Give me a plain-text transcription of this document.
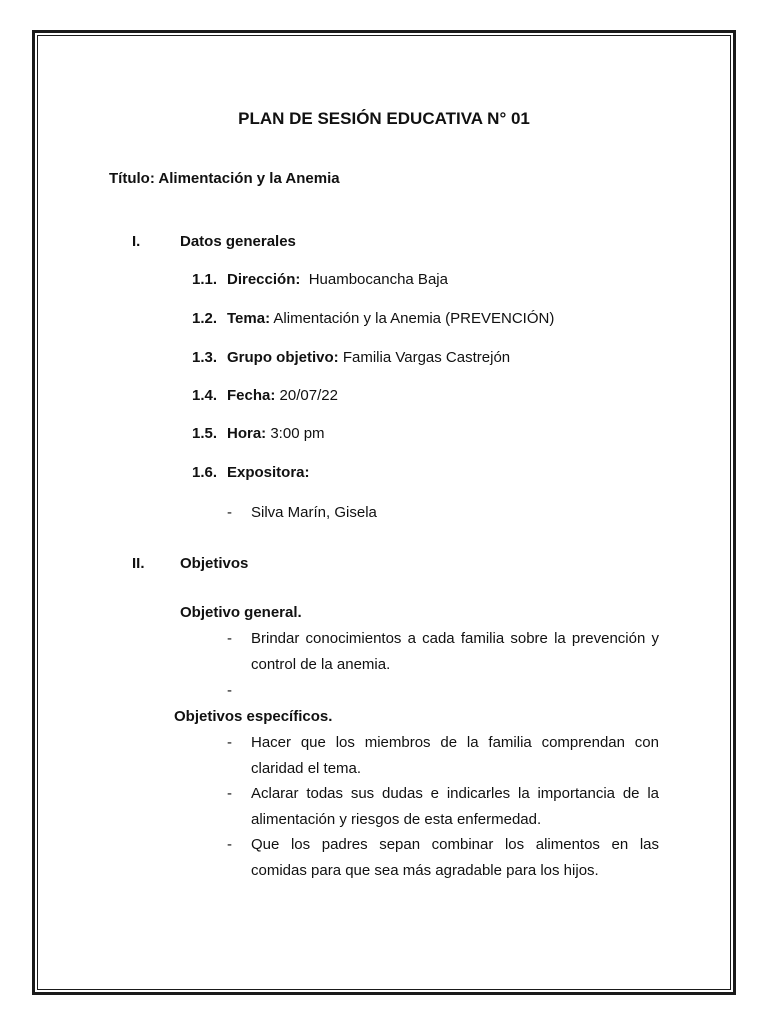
PLAN DE SESIÓN EDUCATIVA N° 01
Título: Alimentación y la Anemia
I.	Datos generales
1.1. Dirección: Huambocancha Baja
1.2. Tema: Alimentación y la Anemia (PREVENCIÓN)
1.3. Grupo objetivo: Familia Vargas Castrejón
1.4. Fecha: 20/07/22
1.5. Hora: 3:00 pm
1.6. Expositora:
- Silva Marín, Gisela
II. Objetivos
Objetivo general.
- Brindar conocimientos a cada familia sobre la prevención y
control de la anemia.
-
Objetivos específicos.
- Hacer que los miembros de la familia comprendan con
claridad el tema.
- Aclarar todas sus dudas e indicarles la importancia de la
alimentación y riesgos de esta enfermedad.
- Que los padres sepan combinar los alimentos en las
comidas para que sea más agradable para los hijos.
